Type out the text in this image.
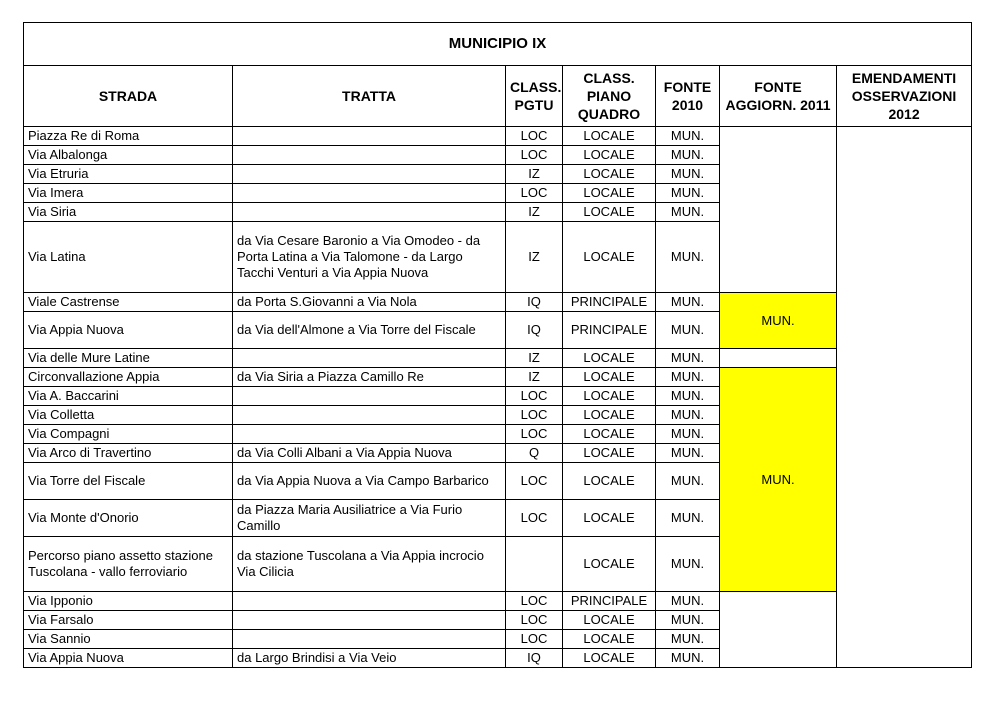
MUNICIPIO IX						
STRADA	TRATTA	CLASS. PGTU	CLASS. PIANO QUADRO	FONTE 2010	FONTE AGGIORN. 2011	EMENDAMENTI OSSERVAZIONI 2012
Piazza Re di Roma		LOC	LOCALE	MUN.		
Via Albalonga		LOC	LOCALE	MUN.		
Via Etruria		IZ	LOCALE	MUN.		
Via Imera		LOC	LOCALE	MUN.		
Via Siria		IZ	LOCALE	MUN.		
Via Latina	da Via Cesare Baronio a Via Omodeo - da Porta Latina a Via Talomone - da Largo Tacchi Venturi a Via Appia Nuova	IZ	LOCALE	MUN.		
Viale Castrense	da Porta S.Giovanni a Via Nola	IQ	PRINCIPALE	MUN.	MUN.	
Via Appia Nuova	da Via dell'Almone a Via Torre del Fiscale	IQ	PRINCIPALE	MUN.		
Via delle Mure Latine		IZ	LOCALE	MUN.		
Circonvallazione Appia	da Via Siria a Piazza Camillo Re	IZ	LOCALE	MUN.	MUN.	
Via A. Baccarini		LOC	LOCALE	MUN.		
Via Colletta		LOC	LOCALE	MUN.		
Via Compagni		LOC	LOCALE	MUN.		
Via Arco di Travertino	da Via Colli Albani a Via Appia Nuova	Q	LOCALE	MUN.		
Via Torre del Fiscale	da Via Appia Nuova a Via Campo Barbarico	LOC	LOCALE	MUN.		
Via Monte d'Onorio	da Piazza Maria Ausiliatrice a Via Furio Camillo	LOC	LOCALE	MUN.		
Percorso piano assetto stazione Tuscolana - vallo ferroviario	da stazione Tuscolana a Via Appia incrocio Via Cilicia		LOCALE	MUN.		
Via Ipponio		LOC	PRINCIPALE	MUN.		
Via Farsalo		LOC	LOCALE	MUN.		
Via Sannio		LOC	LOCALE	MUN.		
Via Appia Nuova	da Largo Brindisi a Via Veio	IQ	LOCALE	MUN.		
